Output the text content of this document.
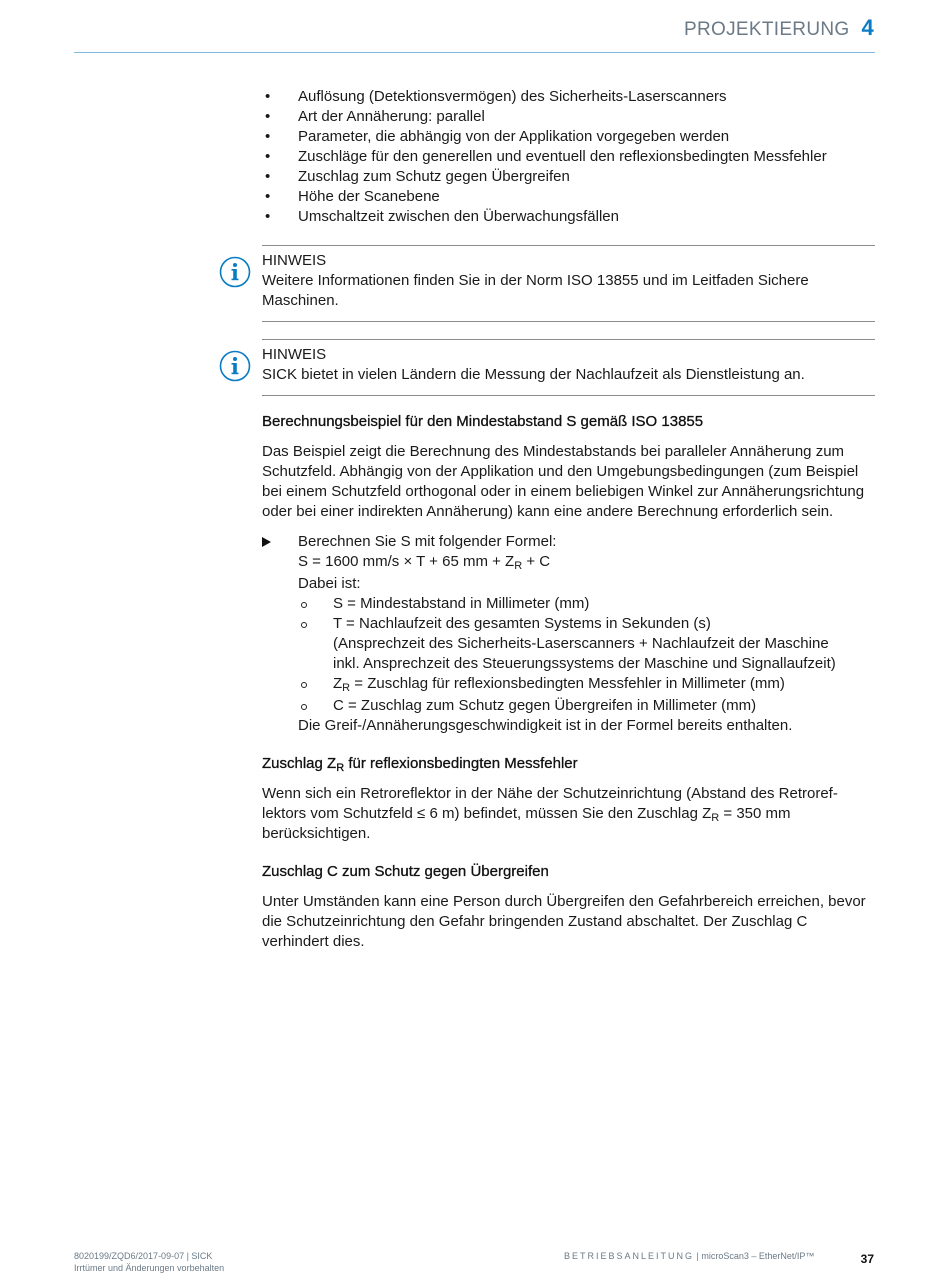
PROJEKTIERUNG 4
• Auflösung (Detektionsvermögen) des Sicherheits-Laserscanners
• Art der Annäherung: parallel
• Parameter, die abhängig von der Applikation vorgegeben werden
• Zuschläge für den generellen und eventuell den reflexionsbedingten Messfehler
• Zuschlag zum Schutz gegen Übergreifen
• Höhe der Scanebene
• Umschaltzeit zwischen den Überwachungsfällen
HINWEIS

Weitere Informationen finden Sie in der Norm ISO 13855 und im Leitfaden Sichere Maschinen.

HINWEIS

SICK bietet in vielen Ländern die Messung der Nachlaufzeit als Dienstleistung an.

Berechnungsbeispiel für den Mindestabstand S gemäß ISO 13855

Das Beispiel zeigt die Berechnung des Mindestabstands bei paralleler Annäherung zum Schutzfeld. Abhängig von der Applikation und den Umgebungsbedingungen (zum Beispiel bei einem Schutzfeld orthogonal oder in einem beliebigen Winkel zur Annäherungsrichtung oder bei einer indirekten Annäherung) kann eine andere Berechnung erforderlich sein.

Berechnen Sie S mit folgender Formel:
S = 1600 mm/s × T + 65 mm + $Z_R + C$
Dabei ist:
S = Mindestabstand in Millimeter (mm)
T = Nachlaufzeit des gesamten Systems in Sekunden (s)
(Ansprechzeit des Sicherheits-Laserscanners + Nachlaufzeit der Maschine
inkl. Ansprechzeit des Steuerungssystems der Maschine und Signallaufzeit)
$Z_R$ = Zuschlag für reflexionsbedingten Messfehler in Millimeter (mm)
C = Zuschlag zum Schutz gegen Übergreifen in Millimeter (mm)
Die Greif-/Annäherungsgeschwindigkeit ist in der Formel bereits enthalten.
Zuschlag $Z_R$ für reflexionsbedingten Messfehler

Wenn sich ein Retroreflektor in der Nähe der Schutzeinrichtung (Abstand des Retroref-
lektors vom Schutzfeld ≤ 6 m) befindet, müssen Sie den Zuschlag $Z_R = 350$ mm
berücksichtigen.

Zuschlag C zum Schutz gegen Übergreifen

Unter Umständen kann eine Person durch Übergreifen den Gefahrbereich erreichen, bevor die Schutzeinrichtung den Gefahr bringenden Zustand abschaltet. Der Zuschlag C verhindert dies.

8020199/ZQD6/2017-09-07 | SICK
Irrtümer und Änderungen vorbehalten
BETRIEBSANLEITUNG | microScan3 – EtherNet/IP™	37
